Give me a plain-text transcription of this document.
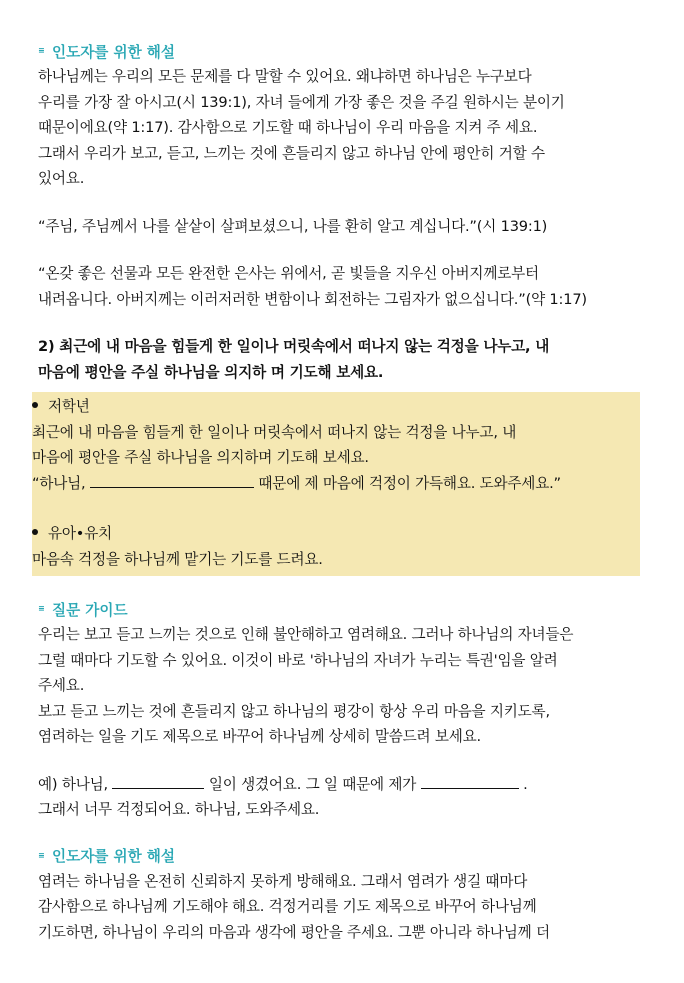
≡ 인도자를 위한 해설
하나님께는 우리의 모든 문제를 다 말할 수 있어요. 왜냐하면 하나님은 누구보다
우리를 가장 잘 아시고(시 139:1), 자녀 들에게 가장 좋은 것을 주길 원하시는 분이기
때문이에요(약 1:17). 감사함으로 기도할 때 하나님이 우리 마음을 지켜 주 세요.
그래서 우리가 보고, 듣고, 느끼는 것에 흔들리지 않고 하나님 안에 평안히 거할 수
있어요.
“주님, 주님께서 나를 샅샅이 살펴보셨으니, 나를 환히 알고 계십니다.”(시 139:1)
“온갖 좋은 선물과 모든 완전한 은사는 위에서, 곧 빛들을 지우신 아버지께로부터
내려옵니다. 아버지께는 이러저러한 변함이나 회전하는 그림자가 없으십니다.”(약 1:17)
2) 최근에 내 마음을 힘들게 한 일이나 머릿속에서 떠나지 않는 걱정을 나누고, 내
마음에 평안을 주실 하나님을 의지하 며 기도해 보세요.
저학년
최근에 내 마음을 힘들게 한 일이나 머릿속에서 떠나지 않는 걱정을 나누고, 내
마음에 평안을 주실 하나님을 의지하며 기도해 보세요.
“하나님,	때문에 제 마음에 걱정이 가득해요. 도와주세요.”
유아•유치
마음속 걱정을 하나님께 맡기는 기도를 드려요.
≡ 질문 가이드
우리는 보고 듣고 느끼는 것으로 인해 불안해하고 염려해요. 그러나 하나님의 자녀들은
그럴 때마다 기도할 수 있어요. 이것이 바로 '하나님의 자녀가 누리는 특권'임을 알려
주세요.
보고 듣고 느끼는 것에 흔들리지 않고 하나님의 평강이 항상 우리 마음을 지키도록,
염려하는 일을 기도 제목으로 바꾸어 하나님께 상세히 말씀드려 보세요.
예) 하나님,	일이 생겼어요. 그 일 때문에 제가	.
그래서 너무 걱정되어요. 하나님, 도와주세요.
≡ 인도자를 위한 해설
염려는 하나님을 온전히 신뢰하지 못하게 방해해요. 그래서 염려가 생길 때마다
감사함으로 하나님께 기도해야 해요. 걱정거리를 기도 제목으로 바꾸어 하나님께
기도하면, 하나님이 우리의 마음과 생각에 평안을 주세요. 그뿐 아니라 하나님께 더
